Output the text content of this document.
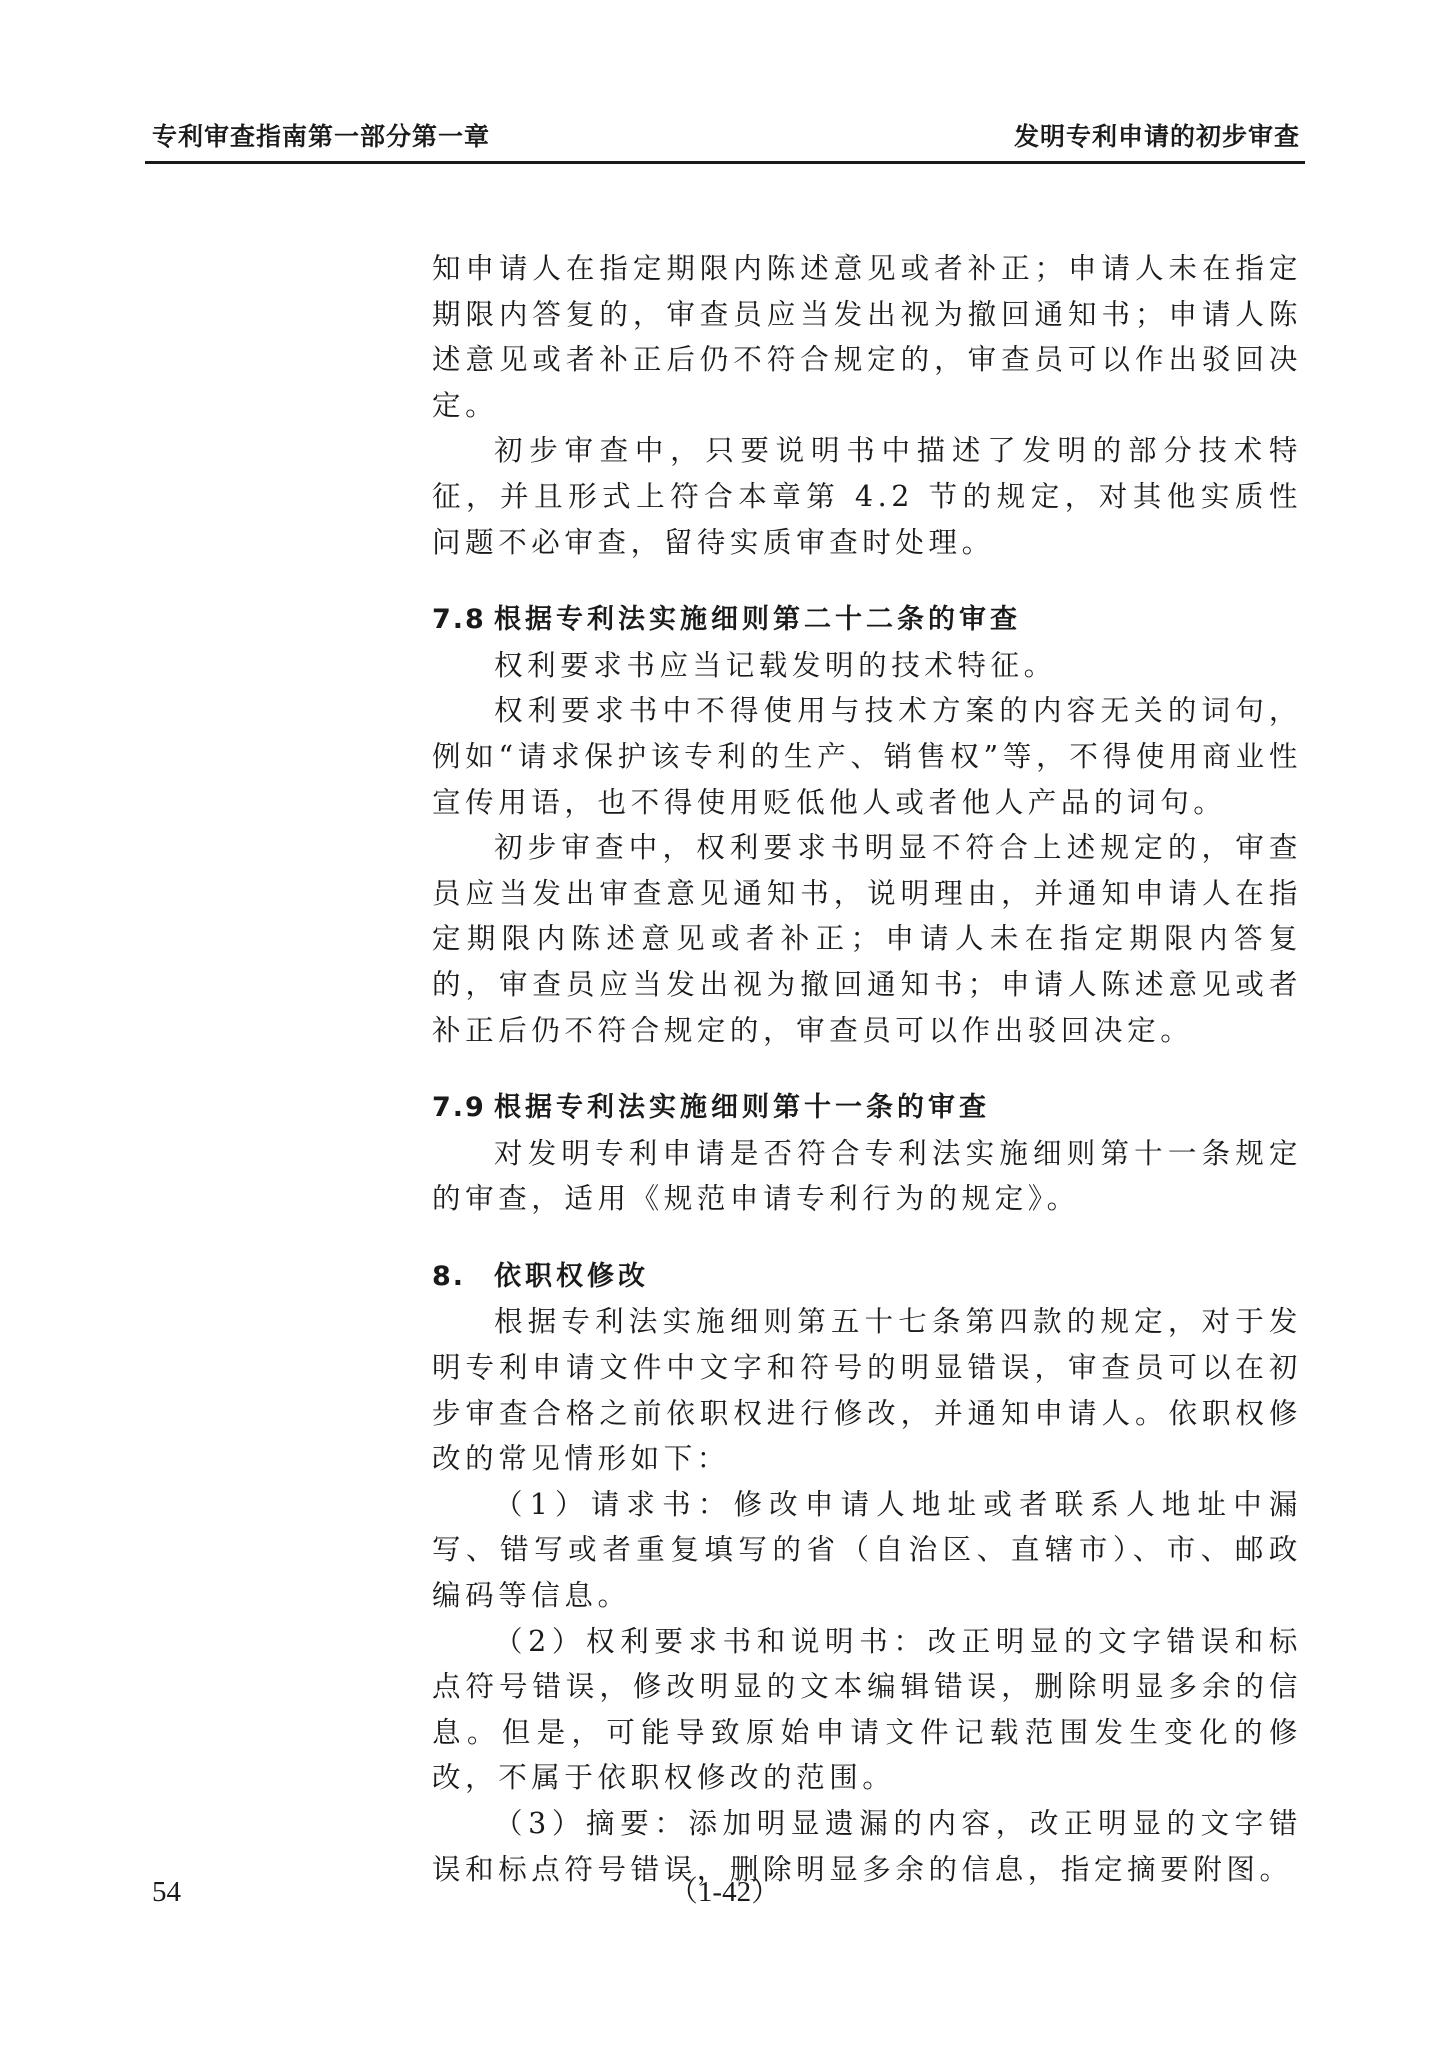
专利审查指南第一部分第一章	发明专利申请的初步审查

知申请人在指定期限内陈述意见或者补正；申请人未在指定期限内答复的，审查员应当发出视为撤回通知书；申请人陈述意见或者补正后仍不符合规定的，审查员可以作出驳回决定。

初步审查中，只要说明书中描述了发明的部分技术特征，并且形式上符合本章第 4.2 节的规定，对其他实质性问题不必审查，留待实质审查时处理。

7.8 根据专利法实施细则第二十二条的审查

权利要求书应当记载发明的技术特征。

权利要求书中不得使用与技术方案的内容无关的词句，例如“请求保护该专利的生产、销售权”等，不得使用商业性宣传用语，也不得使用贬低他人或者他人产品的词句。

初步审查中，权利要求书明显不符合上述规定的，审查员应当发出审查意见通知书，说明理由，并通知申请人在指定期限内陈述意见或者补正；申请人未在指定期限内答复的，审查员应当发出视为撤回通知书；申请人陈述意见或者补正后仍不符合规定的，审查员可以作出驳回决定。

7.9 根据专利法实施细则第十一条的审查

对发明专利申请是否符合专利法实施细则第十一条规定的审查，适用《规范申请专利行为的规定》。

8.	依职权修改

根据专利法实施细则第五十七条第四款的规定，对于发明专利申请文件中文字和符号的明显错误，审查员可以在初步审查合格之前依职权进行修改，并通知申请人。依职权修改的常见情形如下：

（1）请求书：修改申请人地址或者联系人地址中漏写、错写或者重复填写的省（自治区、直辖市）、市、邮政编码等信息。

（2）权利要求书和说明书：改正明显的文字错误和标点符号错误，修改明显的文本编辑错误，删除明显多余的信息。但是，可能导致原始申请文件记载范围发生变化的修改，不属于依职权修改的范围。

（3）摘要：添加明显遗漏的内容，改正明显的文字错误和标点符号错误，删除明显多余的信息，指定摘要附图。

54	（1-42）
